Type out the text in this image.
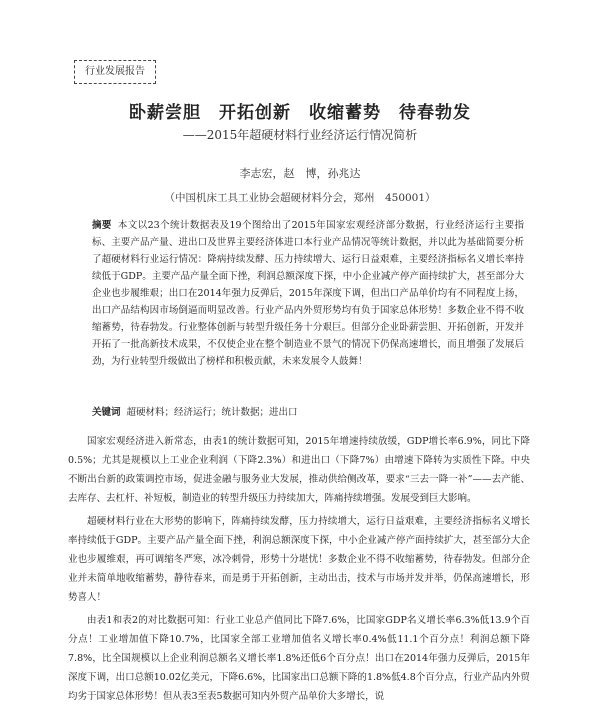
行业发展报告
卧薪尝胆　开拓创新　收缩蓄势　待春勃发
——2015年超硬材料行业经济运行情况简析
李志宏，赵　博，孙兆达
（中国机床工具工业协会超硬材料分会，郑州　450001）
摘要 本文以23个统计数据表及19个图给出了2015年国家宏观经济部分数据，行业经济运行主要指标、主要产品产量、进出口及世界主要经济体进口本行业产品情况等统计数据，并以此为基础简要分析了超硬材料行业运行情况：降病持续发酵、压力持续增大、运行日益艰难，主要经济指标名义增长率持续低于GDP。主要产品产量全面下挫，利润总额深度下探，中小企业减产停产面持续扩大，甚至部分大企业也步履维艰；出口在2014年强力反弹后，2015年深度下调，但出口产品单价均有不同程度上扬，出口产品结构因市场倒逼而明显改善。行业产品内外贸形势均有负于国家总体形势！多数企业不得不收缩蓄势，待春勃发。行业整体创新与转型升级任务十分艰巨。但部分企业卧薪尝胆、开拓创新，开发并开拓了一批高新技术成果，不仅使企业在整个制造业不景气的情况下仍保高速增长，而且增强了发展后劲，为行业转型升级做出了榜样和积极贡献，未来发展令人鼓舞！
关键词 超硬材料；经济运行；统计数据；进出口

国家宏观经济进入新常态，由表1的统计数据可知，2015年增速持续放缓，GDP增长率6.9%，同比下降0.5%；尤其是规模以上工业企业利润（下降2.3%）和进出口（下降7%）由增速下降转为实质性下降。中央不断出台新的政策调控市场，促进金融与服务业大发展，推动供给侧改革，要求“三去一降一补”——去产能、去库存、去杠杆、补短板，制造业的转型升级压力持续加大，阵痛持续增强。发展受到巨大影响。

超硬材料行业在大形势的影响下，阵痛持续发酵，压力持续增大，运行日益艰难，主要经济指标名义增长率持续低于GDP。主要产品产量全面下挫，利润总额深度下探，中小企业减产停产面持续扩大，甚至部分大企业也步履维艰，再可调缩冬严寒，冰冷刺骨，形势十分堪忧！多数企业不得不收缩蓄势，待春勃发。但部分企业并未简单地收缩蓄势，静待春来，而是勇于开拓创新，主动出击，技术与市场并发并举，仍保高速增长，形势喜人！

由表1和表2的对比数据可知：行业工业总产值同比下降7.6%，比国家GDP名义增长率6.3%低13.9个百分点！工业增加值下降10.7%，比国家全部工业增加值名义增长率0.4%低11.1个百分点！利润总额下降7.8%，比全国规模以上企业利润总额名义增长率1.8%还低6个百分点！出口在2014年强力反弹后，2015年深度下调，出口总额10.02亿美元，下降6.6%，比国家出口总额下降的1.8%低4.8个百分点，行业产品内外贸均劣于国家总体形势！但从表3至表5数据可知内外贸产品单价大多增长，说
